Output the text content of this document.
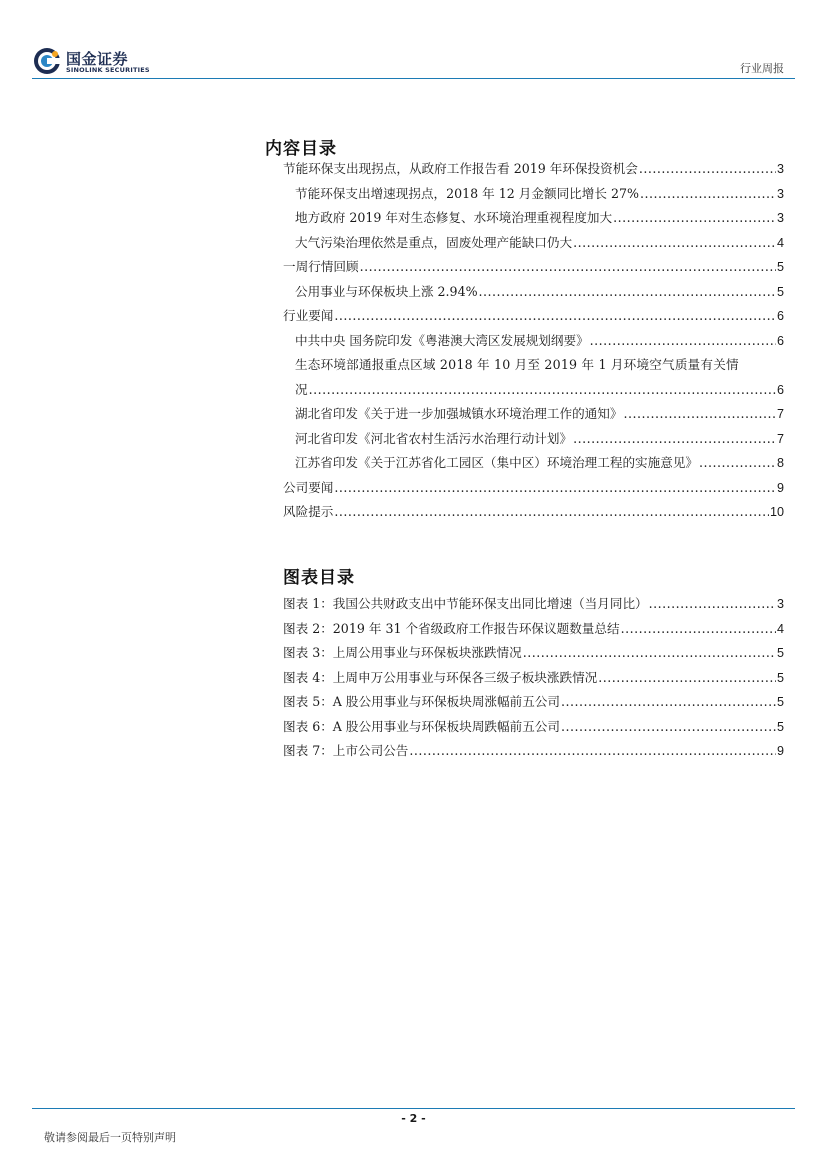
国金证券
SINOLINK SECURITIES	行业周报
内容目录
节能环保支出现拐点，从政府工作报告看 2019 年环保投资机会 .....	3
节能环保支出增速现拐点，2018 年 12 月金额同比增长 27% .....	3
地方政府 2019 年对生态修复、水环境治理重视程度加大 .....	3
大气污染治理依然是重点，固废处理产能缺口仍大 .....	4
一周行情回顾 .....	5
公用事业与环保板块上涨 2.94% .....	5
行业要闻 .....	6
中共中央 国务院印发《粤港澳大湾区发展规划纲要》 .....	6
生态环境部通报重点区域 2018 年 10 月至 2019 年 1 月环境空气质量有关情
况 .....	6
湖北省印发《关于进一步加强城镇水环境治理工作的通知》 .....	7
河北省印发《河北省农村生活污水治理行动计划》 .....	7
江苏省印发《关于江苏省化工园区（集中区）环境治理工程的实施意见》 .....	8
公司要闻 .....	9
风险提示 .....	10
图表目录
图表 1：我国公共财政支出中节能环保支出同比增速（当月同比） .....	3
图表 2：2019 年 31 个省级政府工作报告环保议题数量总结 .....	4
图表 3：上周公用事业与环保板块涨跌情况 .....	5
图表 4：上周申万公用事业与环保各三级子板块涨跌情况 .....	5
图表 5：A 股公用事业与环保板块周涨幅前五公司 .....	5
图表 6：A 股公用事业与环保板块周跌幅前五公司 .....	5
图表 7：上市公司公告 .....	9
- 2 -
敬请参阅最后一页特别声明
